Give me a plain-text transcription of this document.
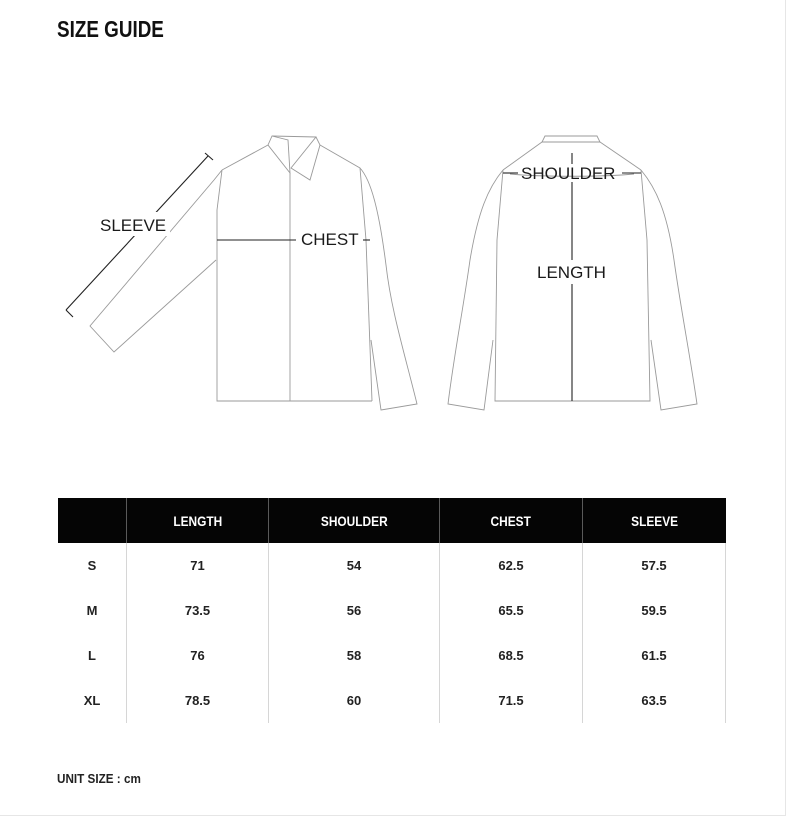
SIZE GUIDE
SLEEVE
CHEST
SHOULDER
LENGTH
	LENGTH	SHOULDER	CHEST	SLEEVE
S	71	54	62.5	57.5
M	73.5	56	65.5	59.5
L	76	58	68.5	61.5
XL	78.5	60	71.5	63.5

UNIT SIZE : cm
